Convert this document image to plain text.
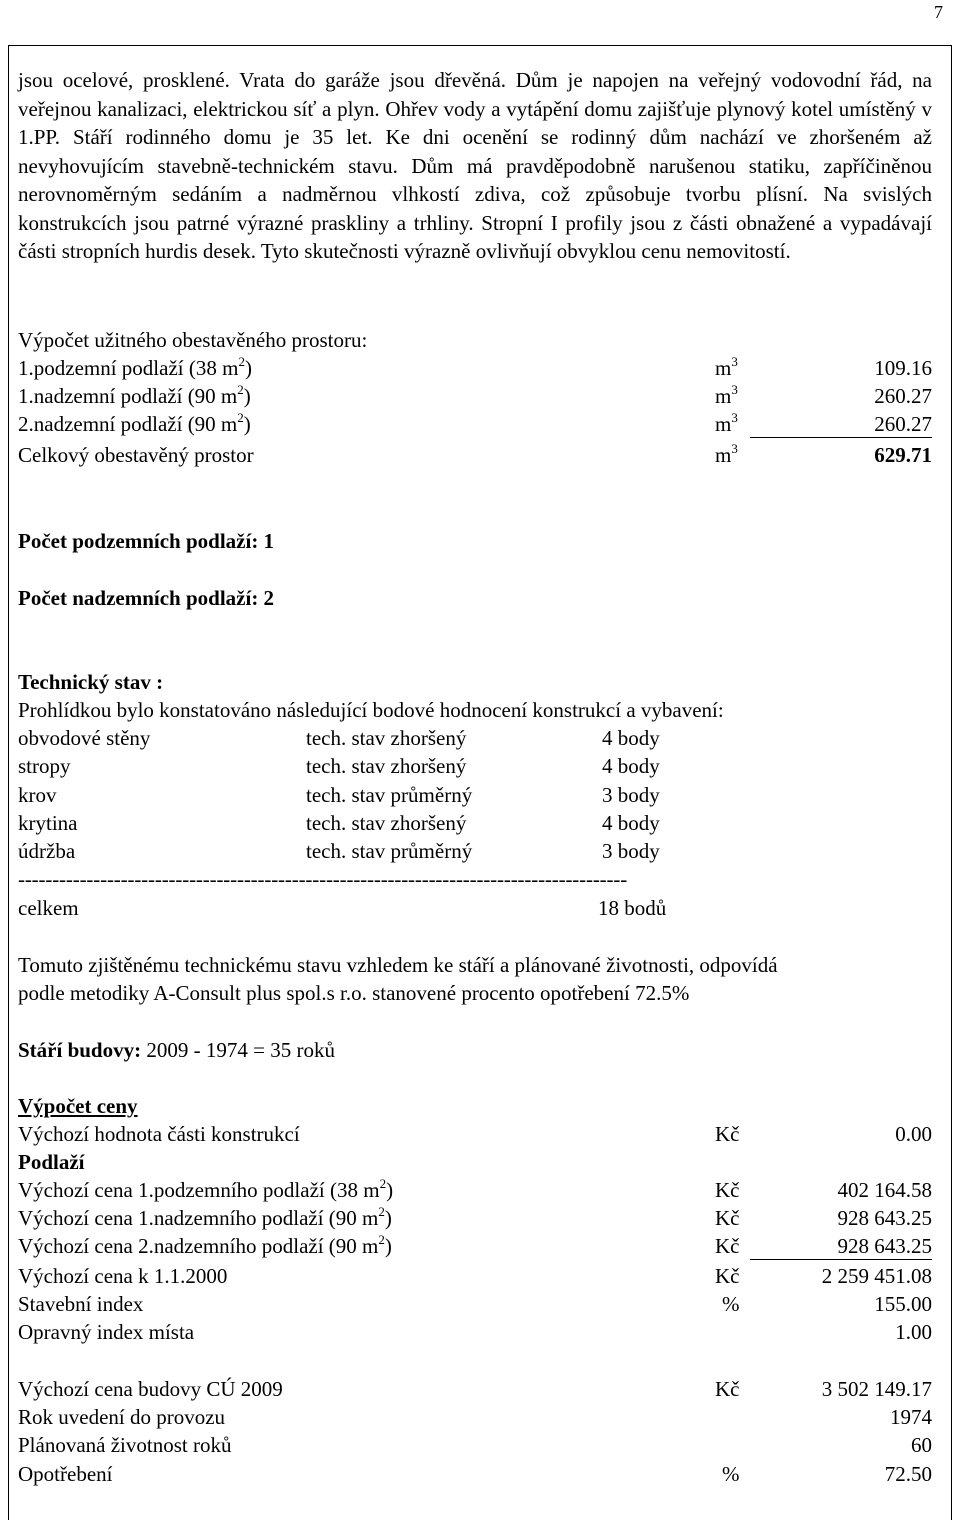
7
jsou ocelové, prosklené. Vrata do garáže jsou dřevěná. Dům je napojen na veřejný vodovodní řád, na veřejnou kanalizaci, elektrickou síť a plyn. Ohřev vody a vytápění domu zajišťuje plynový kotel umístěný v 1.PP. Stáří rodinného domu je 35 let. Ke dni ocenění se rodinný dům nachází ve zhoršeném až nevyhovujícím stavebně-technickém stavu. Dům má pravděpodobně narušenou statiku, zapříčiněnou nerovnoměrným sedáním a nadměrnou vlhkostí zdiva, což způsobuje tvorbu plísní. Na svislých konstrukcích jsou patrné výrazné praskliny a trhliny. Stropní I profily jsou z části obnažené a vypadávají části stropních hurdis desek. Tyto skutečnosti výrazně ovlivňují obvyklou cenu nemovitostí.
Výpočet užitného obestavěného prostoru:
1.podzemní podlaží (38 $m^2$)	$m^3$	109.16
1.nadzemní podlaží (90 $m^2$)	$m^3$	260.27
2.nadzemní podlaží (90 $m^2$)	$m^3$	260.27
Celkový obestavěný prostor	$m^3$	629.71
Počet podzemních podlaží: 1
Počet nadzemních podlaží: 2
Technický stav :
Prohlídkou bylo konstatováno následující bodové hodnocení konstrukcí a vybavení:
obvodové stěny	tech. stav zhoršený	4 body
stropy	tech. stav zhoršený	4 body
krov	tech. stav průměrný	3 body
krytina	tech. stav zhoršený	4 body
údržba	tech. stav průměrný	3 body
-----------------------------------------------------------------------------------------
celkem	18 bodů
Tomuto zjištěnému technickému stavu vzhledem ke stáří a plánované životnosti, odpovídá
podle metodiky A-Consult plus spol.s r.o. stanovené procento opotřebení 72.5%
Stáří budovy: 2009 - 1974 = 35 roků
Výpočet ceny
Výchozí hodnota části konstrukcí	Kč	0.00
Podlaží
Výchozí cena 1.podzemního podlaží (38 $m^2$)	Kč	402 164.58
Výchozí cena 1.nadzemního podlaží (90 $m^2$)	Kč	928 643.25
Výchozí cena 2.nadzemního podlaží (90 $m^2$)	Kč	928 643.25
Výchozí cena k 1.1.2000	Kč	2 259 451.08
Stavební index	%	155.00
Opravný index místa	1.00
Výchozí cena budovy CÚ 2009	Kč	3 502 149.17
Rok uvedení do provozu	1974
Plánovaná životnost roků	60
Opotřebení	%	72.50
